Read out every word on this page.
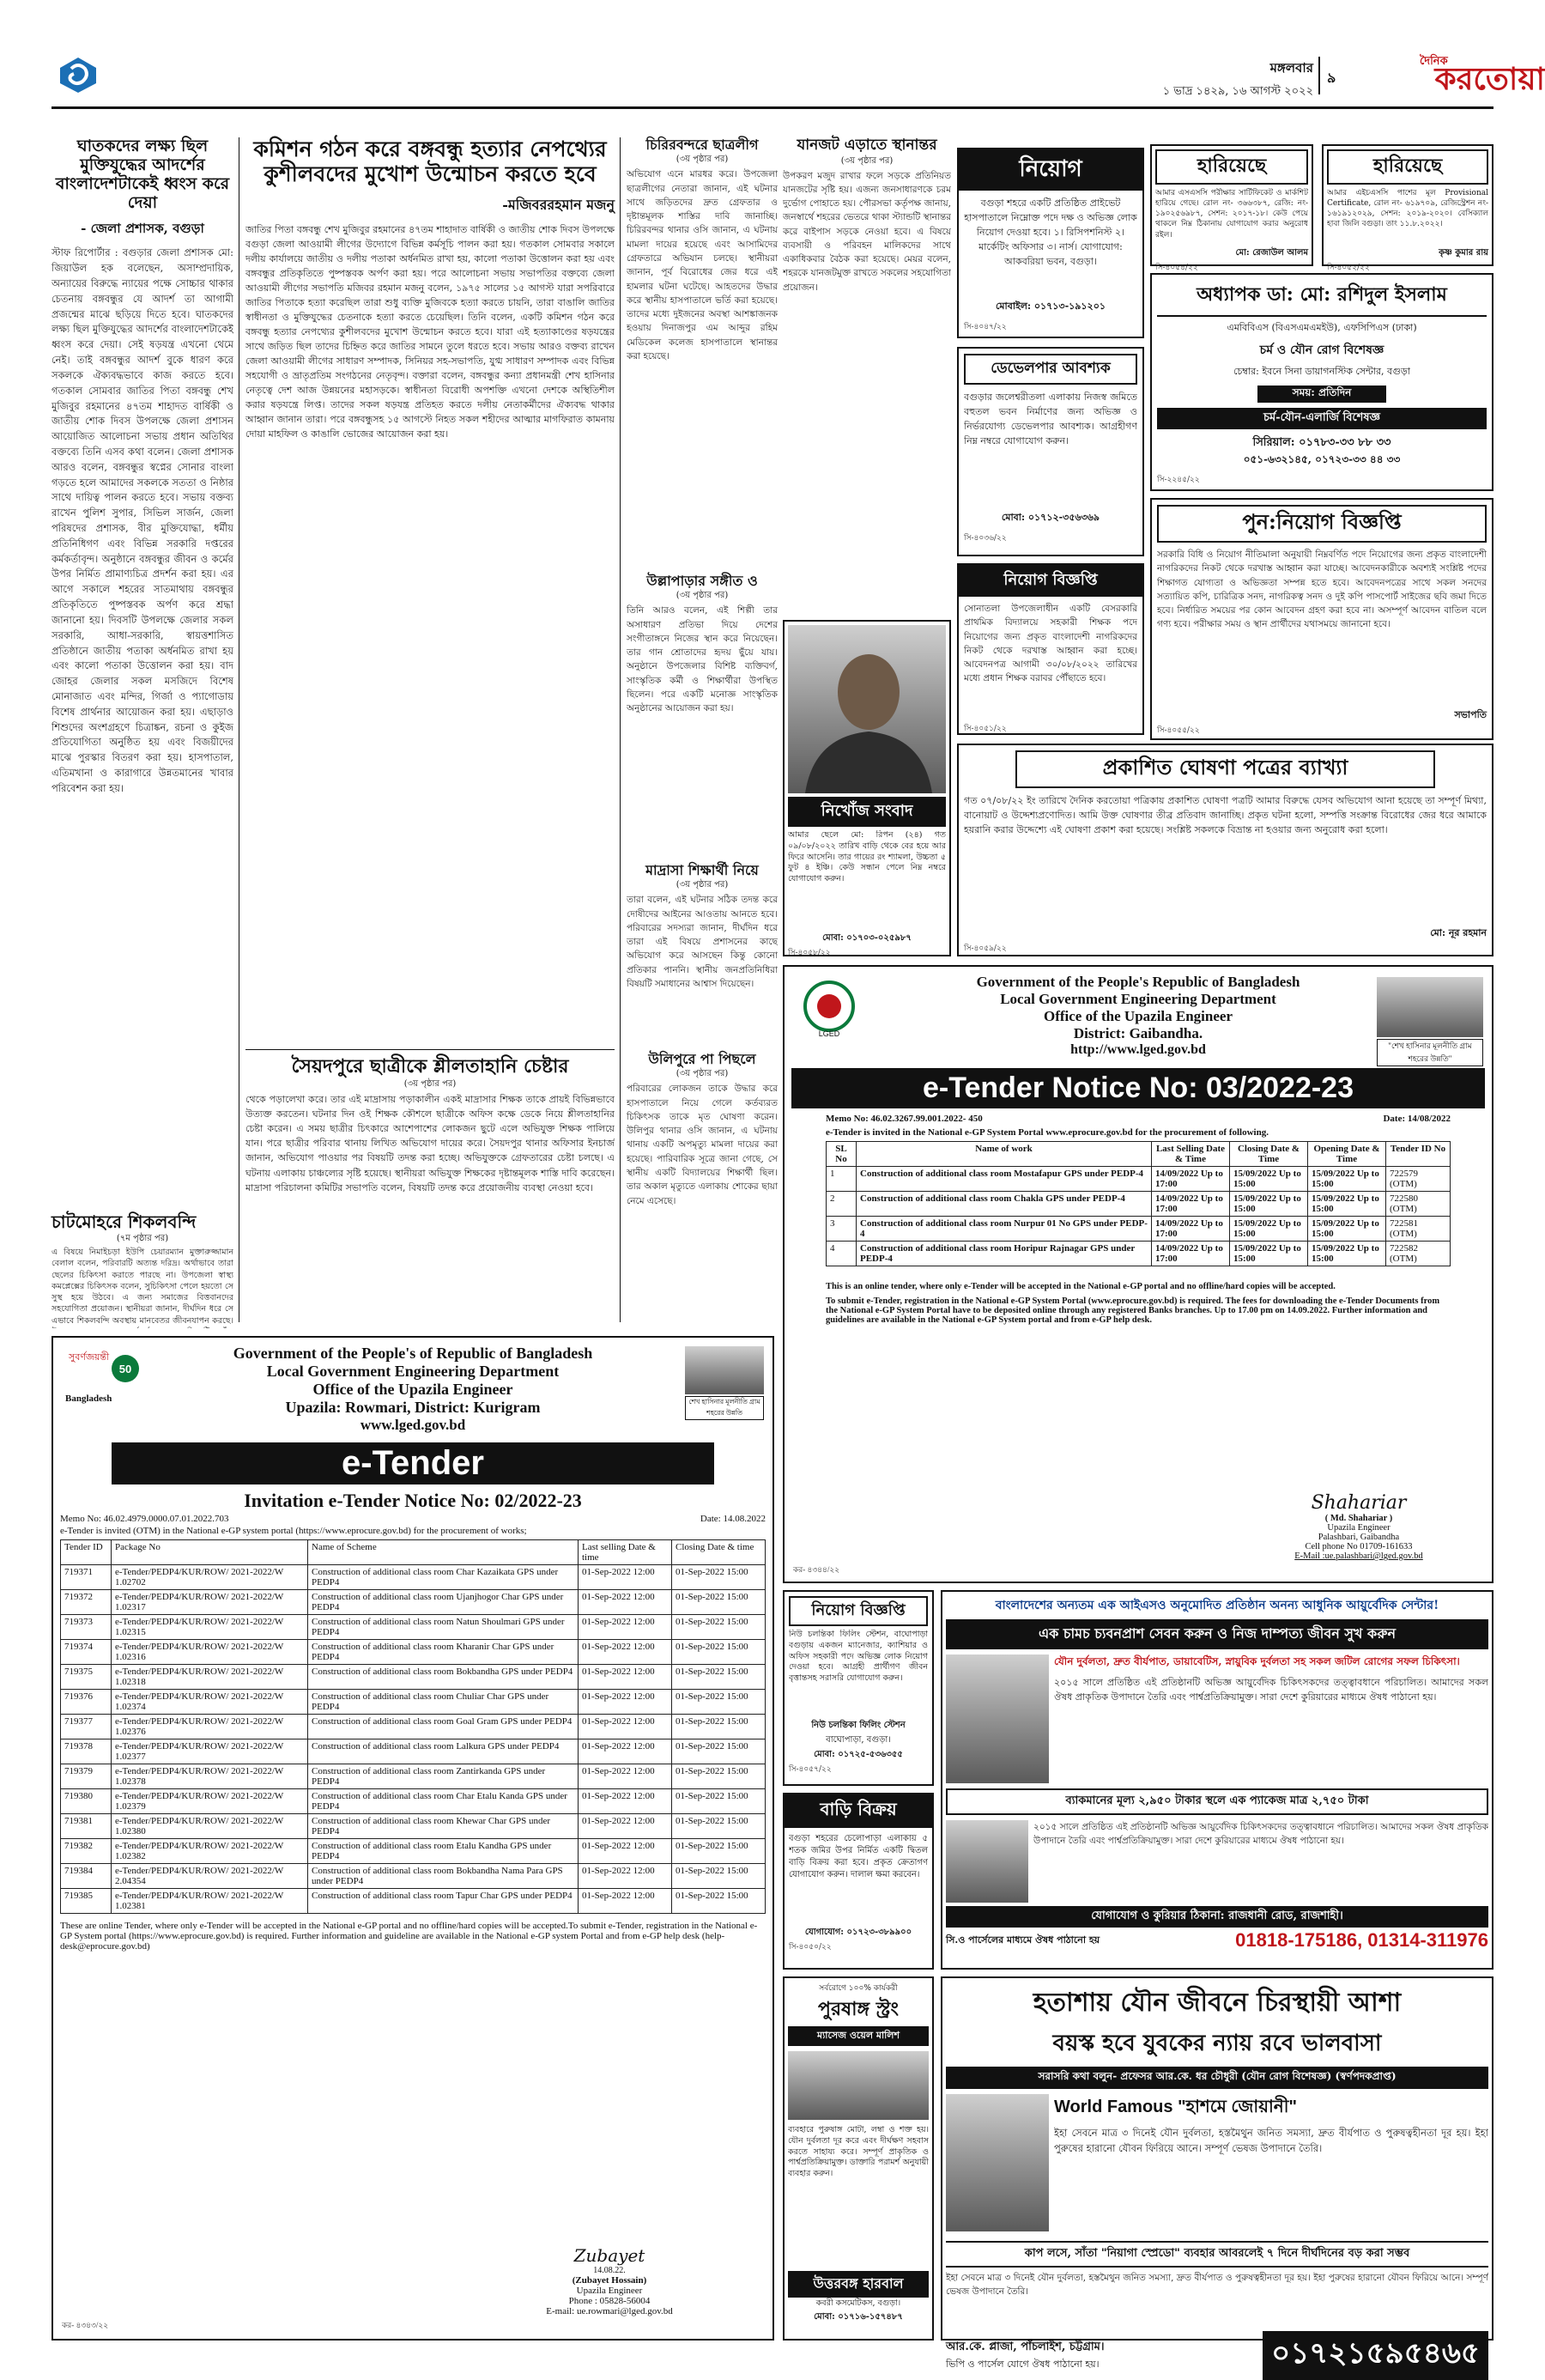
মঙ্গলবার
১ ভাদ্র ১৪২৯, ১৬ আগস্ট ২০২২
৯
দৈনিক
করতোয়া
ঘাতকদের লক্ষ্য ছিল মুক্তিযুদ্ধের আদর্শের বাংলাদেশটাকেই ধ্বংস করে দেয়া
- জেলা প্রশাসক, বগুড়া
স্টাফ রিপোর্টার : বগুড়ার জেলা প্রশাসক মো: জিয়াউল হক বলেছেন, অসাম্প্রদায়িক, অন্যায়ের বিরুদ্ধে ন্যায়ের পক্ষে সোচ্চার থাকার চেতনায় বঙ্গবন্ধুর যে আদর্শ তা আগামী প্রজন্মের মাঝে ছড়িয়ে দিতে হবে। ঘাতকদের লক্ষ্য ছিল মুক্তিযুদ্ধের আদর্শের বাংলাদেশটাকেই ধ্বংস করে দেয়া। সেই ষড়যন্ত্র এখনো থেমে নেই। তাই বঙ্গবন্ধুর আদর্শ বুকে ধারণ করে সকলকে ঐক্যবদ্ধভাবে কাজ করতে হবে। গতকাল সোমবার জাতির পিতা বঙ্গবন্ধু শেখ মুজিবুর রহমানের ৪৭তম শাহাদত বার্ষিকী ও জাতীয় শোক দিবস উপলক্ষে জেলা প্রশাসন আয়োজিত আলোচনা সভায় প্রধান অতিথির বক্তব্যে তিনি এসব কথা বলেন। জেলা প্রশাসক আরও বলেন, বঙ্গবন্ধুর স্বপ্নের সোনার বাংলা গড়তে হলে আমাদের সকলকে সততা ও নিষ্ঠার সাথে দায়িত্ব পালন করতে হবে। সভায় বক্তব্য রাখেন পুলিশ সুপার, সিভিল সার্জন, জেলা পরিষদের প্রশাসক, বীর মুক্তিযোদ্ধা, ধর্মীয় প্রতিনিধিগণ এবং বিভিন্ন সরকারি দপ্তরের কর্মকর্তাবৃন্দ। অনুষ্ঠানে বঙ্গবন্ধুর জীবন ও কর্মের উপর নির্মিত প্রামাণ্যচিত্র প্রদর্শন করা হয়। এর আগে সকালে শহরের সাতমাথায় বঙ্গবন্ধুর প্রতিকৃতিতে পুষ্পস্তবক অর্পণ করে শ্রদ্ধা জানানো হয়। দিবসটি উপলক্ষে জেলার সকল সরকারি, আধা-সরকারি, স্বায়ত্তশাসিত প্রতিষ্ঠানে জাতীয় পতাকা অর্ধনমিত রাখা হয় এবং কালো পতাকা উত্তোলন করা হয়। বাদ জোহর জেলার সকল মসজিদে বিশেষ মোনাজাত এবং মন্দির, গির্জা ও প্যাগোডায় বিশেষ প্রার্থনার আয়োজন করা হয়। এছাড়াও শিশুদের অংশগ্রহণে চিত্রাঙ্কন, রচনা ও কুইজ প্রতিযোগিতা অনুষ্ঠিত হয় এবং বিজয়ীদের মাঝে পুরস্কার বিতরণ করা হয়। হাসপাতাল, এতিমখানা ও কারাগারে উন্নতমানের খাবার পরিবেশন করা হয়।
চাটমোহরে শিকলবন্দি
(৭ম পৃষ্ঠার পর)
এ বিষয়ে নিমাইচড়া ইউপি চেয়ারম্যান মুক্তারুজ্জামান বেলাল বলেন, পরিবারটি অত্যন্ত দরিদ্র। অর্থাভাবে তারা ছেলের চিকিৎসা করাতে পারছে না। উপজেলা স্বাস্থ্য কমপ্লেক্সের চিকিৎসক বলেন, সুচিকিৎসা পেলে হয়তো সে সুস্থ হয়ে উঠবে। এ জন্য সমাজের বিত্তবানদের সহযোগিতা প্রয়োজন। স্থানীয়রা জানান, দীর্ঘদিন ধরে সে এভাবে শিকলবন্দি অবস্থায় মানবেতর জীবনযাপন করছে।
কমিশন গঠন করে বঙ্গবন্ধু হত্যার নেপথ্যের কুশীলবদের মুখোশ উন্মোচন করতে হবে
-মজিবররহমান মজনু
জাতির পিতা বঙ্গবন্ধু শেখ মুজিবুর রহমানের ৪৭তম শাহাদাত বার্ষিকী ও জাতীয় শোক দিবস উপলক্ষে বগুড়া জেলা আওয়ামী লীগের উদ্যোগে বিভিন্ন কর্মসূচি পালন করা হয়। গতকাল সোমবার সকালে দলীয় কার্যালয়ে জাতীয় ও দলীয় পতাকা অর্ধনমিত রাখা হয়, কালো পতাকা উত্তোলন করা হয় এবং বঙ্গবন্ধুর প্রতিকৃতিতে পুষ্পস্তবক অর্পণ করা হয়। পরে আলোচনা সভায় সভাপতির বক্তব্যে জেলা আওয়ামী লীগের সভাপতি মজিবর রহমান মজনু বলেন, ১৯৭৫ সালের ১৫ আগস্ট যারা সপরিবারে জাতির পিতাকে হত্যা করেছিল তারা শুধু ব্যক্তি মুজিবকে হত্যা করতে চায়নি, তারা বাঙালি জাতির স্বাধীনতা ও মুক্তিযুদ্ধের চেতনাকে হত্যা করতে চেয়েছিল। তিনি বলেন, একটি কমিশন গঠন করে বঙ্গবন্ধু হত্যার নেপথ্যের কুশীলবদের মুখোশ উন্মোচন করতে হবে। যারা এই হত্যাকাণ্ডের ষড়যন্ত্রের সাথে জড়িত ছিল তাদের চিহ্নিত করে জাতির সামনে তুলে ধরতে হবে। সভায় আরও বক্তব্য রাখেন জেলা আওয়ামী লীগের সাধারণ সম্পাদক, সিনিয়র সহ-সভাপতি, যুগ্ম সাধারণ সম্পাদক এবং বিভিন্ন সহযোগী ও ভ্রাতৃপ্রতিম সংগঠনের নেতৃবৃন্দ। বক্তারা বলেন, বঙ্গবন্ধুর কন্যা প্রধানমন্ত্রী শেখ হাসিনার নেতৃত্বে দেশ আজ উন্নয়নের মহাসড়কে। স্বাধীনতা বিরোধী অপশক্তি এখনো দেশকে অস্থিতিশীল করার ষড়যন্ত্রে লিপ্ত। তাদের সকল ষড়যন্ত্র প্রতিহত করতে দলীয় নেতাকর্মীদের ঐক্যবদ্ধ থাকার আহ্বান জানান তারা। পরে বঙ্গবন্ধুসহ ১৫ আগস্টে নিহত সকল শহীদের আত্মার মাগফিরাত কামনায় দোয়া মাহফিল ও কাঙালি ভোজের আয়োজন করা হয়।
সৈয়দপুরে ছাত্রীকে শ্লীলতাহানি চেষ্টার
(৩য় পৃষ্ঠার পর)
থেকে পড়ালেখা করে। তার এই মাদ্রাসায় পড়াকালীন একই মাদ্রাসার শিক্ষক তাকে প্রায়ই বিভিন্নভাবে উত্যক্ত করতেন। ঘটনার দিন ওই শিক্ষক কৌশলে ছাত্রীকে অফিস কক্ষে ডেকে নিয়ে শ্লীলতাহানির চেষ্টা করেন। এ সময় ছাত্রীর চিৎকারে আশেপাশের লোকজন ছুটে এলে অভিযুক্ত শিক্ষক পালিয়ে যান। পরে ছাত্রীর পরিবার থানায় লিখিত অভিযোগ দায়ের করে। সৈয়দপুর থানার অফিসার ইনচার্জ জানান, অভিযোগ পাওয়ার পর বিষয়টি তদন্ত করা হচ্ছে। অভিযুক্তকে গ্রেফতারের চেষ্টা চলছে। এ ঘটনায় এলাকায় চাঞ্চল্যের সৃষ্টি হয়েছে। স্থানীয়রা অভিযুক্ত শিক্ষকের দৃষ্টান্তমূলক শাস্তি দাবি করেছেন। মাদ্রাসা পরিচালনা কমিটির সভাপতি বলেন, বিষয়টি তদন্ত করে প্রয়োজনীয় ব্যবস্থা নেওয়া হবে।
চিরিরবন্দরে ছাত্রলীগ
(৩য় পৃষ্ঠার পর)
অভিযোগ এনে মারধর করে। উপজেলা ছাত্রলীগের নেতারা জানান, এই ঘটনার সাথে জড়িতদের দ্রুত গ্রেফতার ও দৃষ্টান্তমূলক শাস্তির দাবি জানাচ্ছি। চিরিরবন্দর থানার ওসি জানান, এ ঘটনায় মামলা দায়ের হয়েছে এবং আসামিদের গ্রেফতারে অভিযান চলছে। স্থানীয়রা জানান, পূর্ব বিরোধের জের ধরে এই হামলার ঘটনা ঘটেছে। আহতদের উদ্ধার করে স্থানীয় হাসপাতালে ভর্তি করা হয়েছে। তাদের মধ্যে দুইজনের অবস্থা আশঙ্কাজনক হওয়ায় দিনাজপুর এম আব্দুর রহিম মেডিকেল কলেজ হাসপাতালে স্থানান্তর করা হয়েছে।
উল্লাপাড়ার সঙ্গীত ও
(৩য় পৃষ্ঠার পর)
তিনি আরও বলেন, এই শিল্পী তার অসাধারণ প্রতিভা দিয়ে দেশের সংগীতাঙ্গনে নিজের স্থান করে নিয়েছেন। তার গান শ্রোতাদের হৃদয় ছুঁয়ে যায়। অনুষ্ঠানে উপজেলার বিশিষ্ট ব্যক্তিবর্গ, সাংস্কৃতিক কর্মী ও শিক্ষার্থীরা উপস্থিত ছিলেন। পরে একটি মনোজ্ঞ সাংস্কৃতিক অনুষ্ঠানের আয়োজন করা হয়।
মাদ্রাসা শিক্ষার্থী নিয়ে
(৩য় পৃষ্ঠার পর)
তারা বলেন, এই ঘটনার সঠিক তদন্ত করে দোষীদের আইনের আওতায় আনতে হবে। পরিবারের সদস্যরা জানান, দীর্ঘদিন ধরে তারা এই বিষয়ে প্রশাসনের কাছে অভিযোগ করে আসছেন কিন্তু কোনো প্রতিকার পাননি। স্থানীয় জনপ্রতিনিধিরা বিষয়টি সমাধানের আশ্বাস দিয়েছেন।
উলিপুরে পা পিছলে
(৩য় পৃষ্ঠার পর)
পরিবারের লোকজন তাকে উদ্ধার করে হাসপাতালে নিয়ে গেলে কর্তব্যরত চিকিৎসক তাকে মৃত ঘোষণা করেন। উলিপুর থানার ওসি জানান, এ ঘটনায় থানায় একটি অপমৃত্যু মামলা দায়ের করা হয়েছে। পারিবারিক সূত্রে জানা গেছে, সে স্থানীয় একটি বিদ্যালয়ের শিক্ষার্থী ছিল। তার অকাল মৃত্যুতে এলাকায় শোকের ছায়া নেমে এসেছে।
যানজট এড়াতে স্থানান্তর
(৩য় পৃষ্ঠার পর)
উপকরণ মজুদ রাখার ফলে সড়কে প্রতিনিয়ত যানজটের সৃষ্টি হয়। এজন্য জনসাধারণকে চরম দুর্ভোগ পোহাতে হয়। পৌরসভা কর্তৃপক্ষ জানায়, জনস্বার্থে শহরের ভেতরে থাকা স্ট্যান্ডটি স্থানান্তর করে বাইপাস সড়কে নেওয়া হবে। এ বিষয়ে ব্যবসায়ী ও পরিবহন মালিকদের সাথে একাধিকবার বৈঠক করা হয়েছে। মেয়র বলেন, শহরকে যানজটমুক্ত রাখতে সকলের সহযোগিতা প্রয়োজন।
নিয়োগ
বগুড়া শহরে একটি প্রতিষ্ঠিত প্রাইভেট হাসপাতালে নিম্নোক্ত পদে দক্ষ ও অভিজ্ঞ লোক নিয়োগ দেওয়া হবে। ১। রিসিপশনিস্ট ২। মার্কেটিং অফিসার ৩। নার্স। যোগাযোগ: আকবরিয়া ভবন, বগুড়া।
মোবাইল: ০১৭১৩-১৯১২০১
সি-৪০৪৭/২২
হারিয়েছে
আমার এসএসসি পরীক্ষার সার্টিফিকেট ও মার্কশিট হারিয়ে গেছে। রোল নং- ৩৬৬৩৮৭, রেজি: নং- ১৯০২৫৬৯৮৭, সেশন: ২০১৭-১৮। কেউ পেয়ে থাকলে নিম্ন ঠিকানায় যোগাযোগ করার অনুরোধ রইল।
মো: রেজাউল আলম
সি-৪০৫৪/২২
হারিয়েছে
আমার এইচএসসি পাশের মূল Provisional Certificate, রোল নং- ৬১৯৭০৯, রেজিস্ট্রেশন নং- ১৬১৯১২০২৯, সেশন: ২০১৯-২০২০। বেসিক্যাল হাবা জিলি বগুড়া। তাং ১১.৮.২০২২।
কৃষ্ণ কুমার রায়
সি-৪০৫২/২২
ডেভেলপার আবশ্যক
বগুড়ার জলেশ্বরীতলা এলাকায় নিজস্ব জমিতে বহুতল ভবন নির্মাণের জন্য অভিজ্ঞ ও নির্ভরযোগ্য ডেভেলপার আবশ্যক। আগ্রহীগণ নিম্ন নম্বরে যোগাযোগ করুন।
মোবা: ০১৭১২-৩৫৬৩৬৯
সি-৪০৩৬/২২
অধ্যাপক ডা: মো: রশিদুল ইসলাম
এমবিবিএস (বিএসএমএমইউ), এফসিপিএস (ঢাকা)
চর্ম ও যৌন রোগ বিশেষজ্ঞ
চেম্বার: ইবনে সিনা ডায়াগনস্টিক সেন্টার, বগুড়া
সময়: প্রতিদিন
চর্ম-যৌন-এলার্জি বিশেষজ্ঞ
সিরিয়াল: ০১৭৮৩-৩৩ ৮৮ ৩৩
০৫১-৬৩২১৪৫, ০১৭২৩-৩৩ ৪৪ ৩৩
সি-২২৪৫/২২
নিয়োগ বিজ্ঞপ্তি
সোনাতলা উপজেলাধীন একটি বেসরকারি প্রাথমিক বিদ্যালয়ে সহকারী শিক্ষক পদে নিয়োগের জন্য প্রকৃত বাংলাদেশী নাগরিকদের নিকট থেকে দরখাস্ত আহ্বান করা হচ্ছে। আবেদনপত্র আগামী ৩০/০৮/২০২২ তারিখের মধ্যে প্রধান শিক্ষক বরাবর পৌঁছাতে হবে।
সি-৪০৫১/২২
নিখোঁজ সংবাদ
আমার ছেলে মো: রিপন (২৪) গত ০৯/০৮/২০২২ তারিখ বাড়ি থেকে বের হয়ে আর ফিরে আসেনি। তার গায়ের রং শ্যামলা, উচ্চতা ৫ ফুট ৪ ইঞ্চি। কেউ সন্ধান পেলে নিম্ন নম্বরে যোগাযোগ করুন।
মোবা: ০১৭০৩-০২৫৯৮৭
সি-৪০৫৮/২২
পুন:নিয়োগ বিজ্ঞপ্তি
সরকারি বিধি ও নিয়োগ নীতিমালা অনুযায়ী নিম্নবর্ণিত পদে নিয়োগের জন্য প্রকৃত বাংলাদেশী নাগরিকদের নিকট থেকে দরখাস্ত আহ্বান করা যাচ্ছে। আবেদনকারীকে অবশ্যই সংশ্লিষ্ট পদের শিক্ষাগত যোগ্যতা ও অভিজ্ঞতা সম্পন্ন হতে হবে। আবেদনপত্রের সাথে সকল সনদের সত্যায়িত কপি, চারিত্রিক সনদ, নাগরিকত্ব সনদ ও দুই কপি পাসপোর্ট সাইজের ছবি জমা দিতে হবে। নির্ধারিত সময়ের পর কোন আবেদন গ্রহণ করা হবে না। অসম্পূর্ণ আবেদন বাতিল বলে গণ্য হবে। পরীক্ষার সময় ও স্থান প্রার্থীদের যথাসময়ে জানানো হবে।
সভাপতি
সি-৪০৫৫/২২
প্রকাশিত ঘোষণা পত্রের ব্যাখ্যা
গত ০৭/০৮/২২ ইং তারিখে দৈনিক করতোয়া পত্রিকায় প্রকাশিত ঘোষণা পত্রটি আমার বিরুদ্ধে যেসব অভিযোগ আনা হয়েছে তা সম্পূর্ণ মিথ্যা, বানোয়াট ও উদ্দেশ্যপ্রণোদিত। আমি উক্ত ঘোষণার তীব্র প্রতিবাদ জানাচ্ছি। প্রকৃত ঘটনা হলো, সম্পত্তি সংক্রান্ত বিরোধের জের ধরে আমাকে হয়রানি করার উদ্দেশ্যে এই ঘোষণা প্রকাশ করা হয়েছে। সংশ্লিষ্ট সকলকে বিভ্রান্ত না হওয়ার জন্য অনুরোধ করা হলো।
মো: নূর রহমান
সি-৪০৫৯/২২
LGED
"শেখ হাসিনার মূলনীতি গ্রাম শহরের উন্নতি"
Government of the People's Republic of Bangladesh
Local Government Engineering Department
Office of the Upazila Engineer
District: Gaibandha.
http://www.lged.gov.bd
e-Tender Notice No: 03/2022-23
Memo No: 46.02.3267.99.001.2022- 450	Date: 14/08/2022
e-Tender is invited in the National e-GP System Portal www.eprocure.gov.bd for the procurement of following.
SL No	Name of work	Last Selling Date & Time	Closing Date & Time	Opening Date & Time	Tender ID No
1	Construction of additional class room Mostafapur GPS under PEDP-4	14/09/2022 Up to 17:00	15/09/2022 Up to 15:00	15/09/2022 Up to 15:00	722579 (OTM)
2	Construction of additional class room Chakla GPS under PEDP-4	14/09/2022 Up to 17:00	15/09/2022 Up to 15:00	15/09/2022 Up to 15:00	722580 (OTM)
3	Construction of additional class room Nurpur 01 No GPS under PEDP-4	14/09/2022 Up to 17:00	15/09/2022 Up to 15:00	15/09/2022 Up to 15:00	722581 (OTM)
4	Construction of additional class room Horipur Rajnagar GPS under PEDP-4	14/09/2022 Up to 17:00	15/09/2022 Up to 15:00	15/09/2022 Up to 15:00	722582 (OTM)
This is an online tender, where only e-Tender will be accepted in the National e-GP portal and no offline/hard copies will be accepted.
To submit e-Tender, registration in the National e-GP System Portal (www.eprocure.gov.bd) is required. The fees for downloading the e-Tender Documents from the National e-GP System Portal have to be deposited online through any registered Banks branches. Up to 17.00 pm on 14.09.2022. Further information and guidelines are available in the National e-GP System portal and from e-GP help desk.
Shahariar
( Md. Shahariar )
Upazila Engineer
Palashbari, Gaibandha
Cell phone No 01709-161633
E-Mail :ue.palashbari@lged.gov.bd
কর- ৪৩৪৪/২২
সুবর্ণজয়ন্তী
50
Bangladesh	শেখ হাসিনার মূলনীতি গ্রাম শহরের উন্নতি
Government of the People's of Republic of Bangladesh
Local Government Engineering Department
Office of the Upazila Engineer
Upazila: Rowmari, District: Kurigram
www.lged.gov.bd
e-Tender
Invitation e-Tender Notice No: 02/2022-23
Memo No: 46.02.4979.0000.07.01.2022.703	Date: 14.08.2022
e-Tender is invited (OTM) in the National e-GP system portal (https://www.eprocure.gov.bd) for the procurement of works;
Tender ID	Package No	Name of Scheme	Last selling Date & time	Closing Date & time
719371	e-Tender/PEDP4/KUR/ROW/ 2021-2022/W 1.02702	Construction of additional class room Char Kazaikata GPS under PEDP4	01-Sep-2022 12:00	01-Sep-2022 15:00
719372	e-Tender/PEDP4/KUR/ROW/ 2021-2022/W 1.02317	Construction of additional class room Ujanjhogor Char GPS under PEDP4	01-Sep-2022 12:00	01-Sep-2022 15:00
719373	e-Tender/PEDP4/KUR/ROW/ 2021-2022/W 1.02315	Construction of additional class room Natun Shoulmari GPS under PEDP4	01-Sep-2022 12:00	01-Sep-2022 15:00
719374	e-Tender/PEDP4/KUR/ROW/ 2021-2022/W 1.02316	Construction of additional class room Kharanir Char GPS under PEDP4	01-Sep-2022 12:00	01-Sep-2022 15:00
719375	e-Tender/PEDP4/KUR/ROW/ 2021-2022/W 1.02318	Construction of additional class room Bokbandha GPS under PEDP4	01-Sep-2022 12:00	01-Sep-2022 15:00
719376	e-Tender/PEDP4/KUR/ROW/ 2021-2022/W 1.02374	Construction of additional class room Chuliar Char GPS under PEDP4	01-Sep-2022 12:00	01-Sep-2022 15:00
719377	e-Tender/PEDP4/KUR/ROW/ 2021-2022/W 1.02376	Construction of additional class room Goal Gram GPS under PEDP4	01-Sep-2022 12:00	01-Sep-2022 15:00
719378	e-Tender/PEDP4/KUR/ROW/ 2021-2022/W 1.02377	Construction of additional class room Lalkura GPS under PEDP4	01-Sep-2022 12:00	01-Sep-2022 15:00
719379	e-Tender/PEDP4/KUR/ROW/ 2021-2022/W 1.02378	Construction of additional class room Zantirkanda GPS under PEDP4	01-Sep-2022 12:00	01-Sep-2022 15:00
719380	e-Tender/PEDP4/KUR/ROW/ 2021-2022/W 1.02379	Construction of additional class room Char Etalu Kanda GPS under PEDP4	01-Sep-2022 12:00	01-Sep-2022 15:00
719381	e-Tender/PEDP4/KUR/ROW/ 2021-2022/W 1.02380	Construction of additional class room Khewar Char GPS under PEDP4	01-Sep-2022 12:00	01-Sep-2022 15:00
719382	e-Tender/PEDP4/KUR/ROW/ 2021-2022/W 1.02382	Construction of additional class room Etalu Kandha GPS under PEDP4	01-Sep-2022 12:00	01-Sep-2022 15:00
719384	e-Tender/PEDP4/KUR/ROW/ 2021-2022/W 2.04354	Construction of additional class room Bokbandha Nama Para GPS under PEDP4	01-Sep-2022 12:00	01-Sep-2022 15:00
719385	e-Tender/PEDP4/KUR/ROW/ 2021-2022/W 1.02381	Construction of additional class room Tapur Char GPS under PEDP4	01-Sep-2022 12:00	01-Sep-2022 15:00
These are online Tender, where only e-Tender will be accepted in the National e-GP portal and no offline/hard copies will be accepted.To submit e-Tender, registration in the National e-GP System portal (https://www.eprocure.gov.bd) is required. Further information and guideline are available in the National e-GP system Portal and from e-GP help desk (help-desk@eprocure.gov.bd)
Zubayet
14.08.22.
(Zubayet Hossain)
Upazila Engineer
Phone : 05828-56004
E-mail: ue.rowmari@lged.gov.bd
কর- ৪৩৪৩/২২
নিয়োগ বিজ্ঞপ্তি
নিউ চলন্তিকা ফিলিং স্টেশন, বাঘোপাড়া বগুড়ায় একজন ম্যানেজার, ক্যাশিয়ার ও অফিস সহকারী পদে অভিজ্ঞ লোক নিয়োগ দেওয়া হবে। আগ্রহী প্রার্থীগণ জীবন বৃত্তান্তসহ সরাসরি যোগাযোগ করুন।
নিউ চলন্তিকা ফিলিং স্টেশন
বাঘোপাড়া, বগুড়া।
মোবা: ০১৭২৫-৫৩৬৩৫৫
সি-৪০৫৭/২২
বাড়ি বিক্রয়
বগুড়া শহরের চেলোপাড়া এলাকায় ৫ শতক জমির উপর নির্মিত একটি দ্বিতল বাড়ি বিক্রয় করা হবে। প্রকৃত ক্রেতাগণ যোগাযোগ করুন। দালাল ক্ষমা করবেন।
যোগাযোগ: ০১৭২৩-৩৮৯৯০০
সি-৪০৫০/২২
বাংলাদেশের অন্যতম এক আইএসও অনুমোদিত প্রতিষ্ঠান অনন্য আধুনিক আয়ুর্বেদিক সেন্টার!
এক চামচ চ্যবনপ্রাশ সেবন করুন ও নিজ দাম্পত্য জীবন সুখ করুন
যৌন দুর্বলতা, দ্রুত বীর্যপাত, ডায়াবেটিস, স্নায়ুবিক দুর্বলতা সহ সকল জটিল রোগের সফল চিকিৎসা।
২০১৫ সালে প্রতিষ্ঠিত এই প্রতিষ্ঠানটি অভিজ্ঞ আয়ুর্বেদিক চিকিৎসকদের তত্ত্বাবধানে পরিচালিত। আমাদের সকল ঔষধ প্রাকৃতিক উপাদানে তৈরি এবং পার্শ্বপ্রতিক্রিয়ামুক্ত। সারা দেশে কুরিয়ারের মাধ্যমে ঔষধ পাঠানো হয়।
ব্যাকমানের মূল্য ২,৯৫০ টাকার স্থলে এক প্যাকেজ মাত্র ২,৭৫০ টাকা
২০১৫ সালে প্রতিষ্ঠিত এই প্রতিষ্ঠানটি অভিজ্ঞ আয়ুর্বেদিক চিকিৎসকদের তত্ত্বাবধানে পরিচালিত। আমাদের সকল ঔষধ প্রাকৃতিক উপাদানে তৈরি এবং পার্শ্বপ্রতিক্রিয়ামুক্ত। সারা দেশে কুরিয়ারের মাধ্যমে ঔষধ পাঠানো হয়।
যোগাযোগ ও কুরিয়ার ঠিকানা: রাজধানী রোড, রাজশাহী।
সি.ও পার্সেলের মাধ্যমে ঔষধ পাঠানো হয়	01818-175186, 01314-311976
সর্বরোগে ১০০% কার্যকরী
পুরষাঙ্গ স্ট্রং
ম্যাসেজ ওয়েল মালিশ
ব্যবহারে পুরুষাঙ্গ মোটা, লম্বা ও শক্ত হয়। যৌন দুর্বলতা দূর করে এবং দীর্ঘক্ষণ সহবাস করতে সাহায্য করে। সম্পূর্ণ প্রাকৃতিক ও পার্শ্বপ্রতিক্রিয়ামুক্ত। ডাক্তারি পরামর্শ অনুযায়ী ব্যবহার করুন।
উত্তরবঙ্গ হারবাল
কবরী কসমেটিকস, বগুড়া।
মোবা: ০১৭১৬-১৫৭৪৮৭
হতাশায় যৌন জীবনে চিরস্থায়ী আশা
বয়স্ক হবে যুবকের ন্যায় রবে ভালবাসা
সরাসরি কথা বলুন- প্রফেসর আর.কে. ধর চৌধুরী (যৌন রোগ বিশেষজ্ঞ) (স্বর্ণপদকপ্রাপ্ত)
World Famous "হাশমে জোয়ানী"
ইহা সেবনে মাত্র ৩ দিনেই যৌন দুর্বলতা, হস্তমৈথুন জনিত সমস্যা, দ্রুত বীর্যপাত ও পুরুষত্বহীনতা দূর হয়। ইহা পুরুষের হারানো যৌবন ফিরিয়ে আনে। সম্পূর্ণ ভেষজ উপাদানে তৈরি।
কাপ লসে, সাঁতা "নিয়াগা স্প্রেডো" ব্যবহার আবরলেই ৭ দিনে দীর্ঘদিনের বড় করা সম্ভব
ইহা সেবনে মাত্র ৩ দিনেই যৌন দুর্বলতা, হস্তমৈথুন জনিত সমস্যা, দ্রুত বীর্যপাত ও পুরুষত্বহীনতা দূর হয়। ইহা পুরুষের হারানো যৌবন ফিরিয়ে আনে। সম্পূর্ণ ভেষজ উপাদানে তৈরি।
আর.কে. প্লাজা, পাঁচলাইশ, চট্টগ্রাম।
ভিপি ও পার্সেল যোগে ঔষধ পাঠানো হয়।	০১৭২১৫৯৫৪৬৫
